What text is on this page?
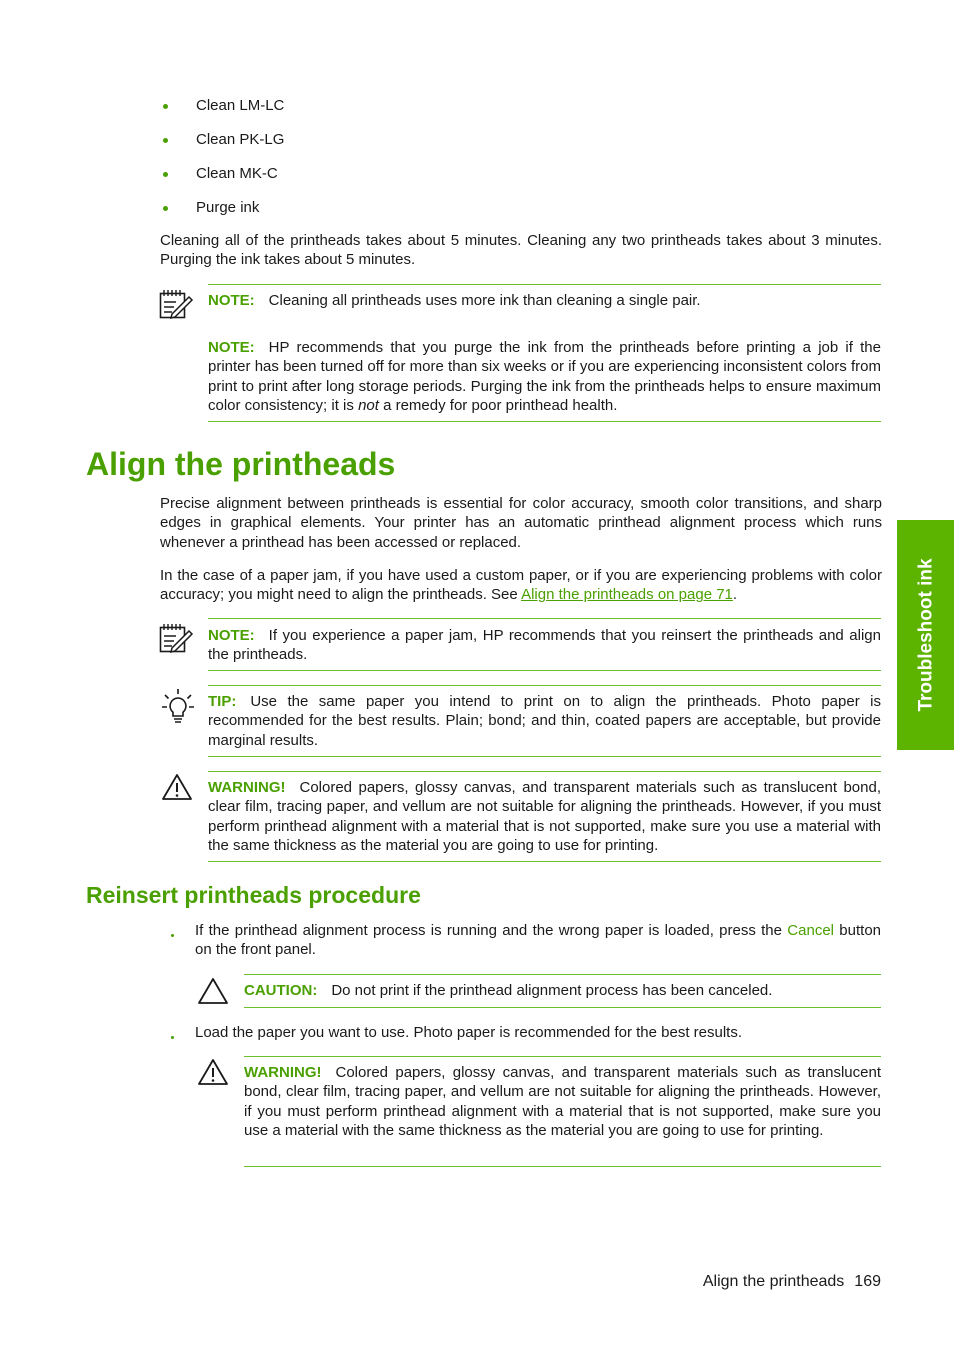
Clean LM-LC
Clean PK-LG
Clean MK-C
Purge ink

Cleaning all of the printheads takes about 5 minutes. Cleaning any two printheads takes about 3 minutes. Purging the ink takes about 5 minutes.

NOTE: Cleaning all printheads uses more ink than cleaning a single pair.

NOTE: HP recommends that you purge the ink from the printheads before printing a job if the printer has been turned off for more than six weeks or if you are experiencing inconsistent colors from print to print after long storage periods. Purging the ink from the printheads helps to ensure maximum color consistency; it is not a remedy for poor printhead health.

Align the printheads

Precise alignment between printheads is essential for color accuracy, smooth color transitions, and sharp edges in graphical elements. Your printer has an automatic printhead alignment process which runs whenever a printhead has been accessed or replaced.

In the case of a paper jam, if you have used a custom paper, or if you are experiencing problems with color accuracy; you might need to align the printheads. See Align the printheads on page 71.

NOTE: If you experience a paper jam, HP recommends that you reinsert the printheads and align the printheads.

TIP: Use the same paper you intend to print on to align the printheads. Photo paper is recommended for the best results. Plain; bond; and thin, coated papers are acceptable, but provide marginal results.

WARNING! Colored papers, glossy canvas, and transparent materials such as translucent bond, clear film, tracing paper, and vellum are not suitable for aligning the printheads. However, if you must perform printhead alignment with a material that is not supported, make sure you use a material with the same thickness as the material you are going to use for printing.

Reinsert printheads procedure

If the printhead alignment process is running and the wrong paper is loaded, press the Cancel button on the front panel.

CAUTION: Do not print if the printhead alignment process has been canceled.

Load the paper you want to use. Photo paper is recommended for the best results.

WARNING! Colored papers, glossy canvas, and transparent materials such as translucent bond, clear film, tracing paper, and vellum are not suitable for aligning the printheads. However, if you must perform printhead alignment with a material that is not supported, make sure you use a material with the same thickness as the material you are going to use for printing.

Troubleshoot ink
Align the printheads 169
